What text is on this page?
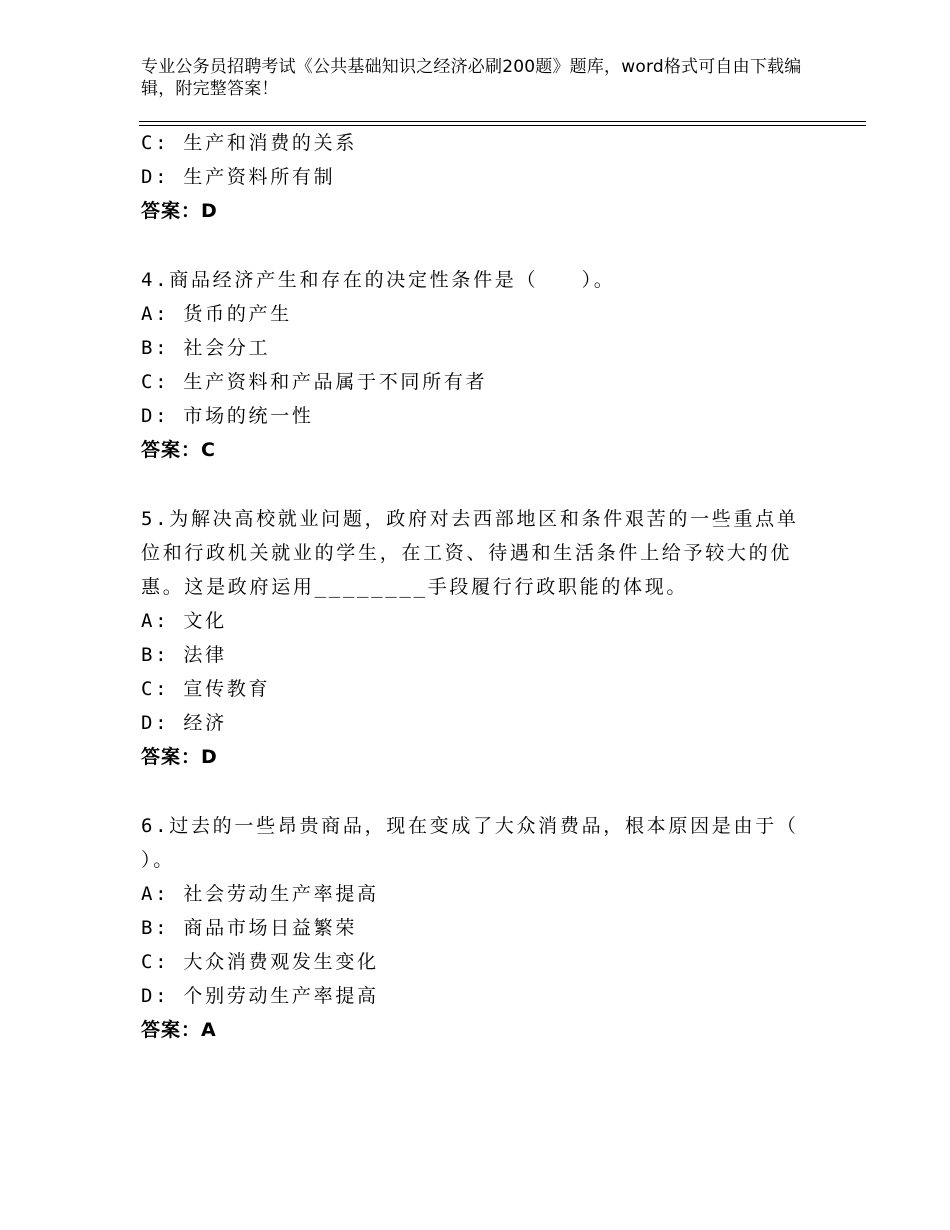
专业公务员招聘考试《公共基础知识之经济必刷200题》题库，word格式可自由下载编辑，附完整答案！
C: 生产和消费的关系
D: 生产资料所有制
答案：D
4.商品经济产生和存在的决定性条件是（　　）。
A: 货币的产生
B: 社会分工
C: 生产资料和产品属于不同所有者
D: 市场的统一性
答案：C
5.为解决高校就业问题，政府对去西部地区和条件艰苦的一些重点单
位和行政机关就业的学生，在工资、待遇和生活条件上给予较大的优
惠。这是政府运用________手段履行行政职能的体现。
A: 文化
B: 法律
C: 宣传教育
D: 经济
答案：D
6.过去的一些昂贵商品，现在变成了大众消费品，根本原因是由于（
）。
A: 社会劳动生产率提高
B: 商品市场日益繁荣
C: 大众消费观发生变化
D: 个别劳动生产率提高
答案：A
